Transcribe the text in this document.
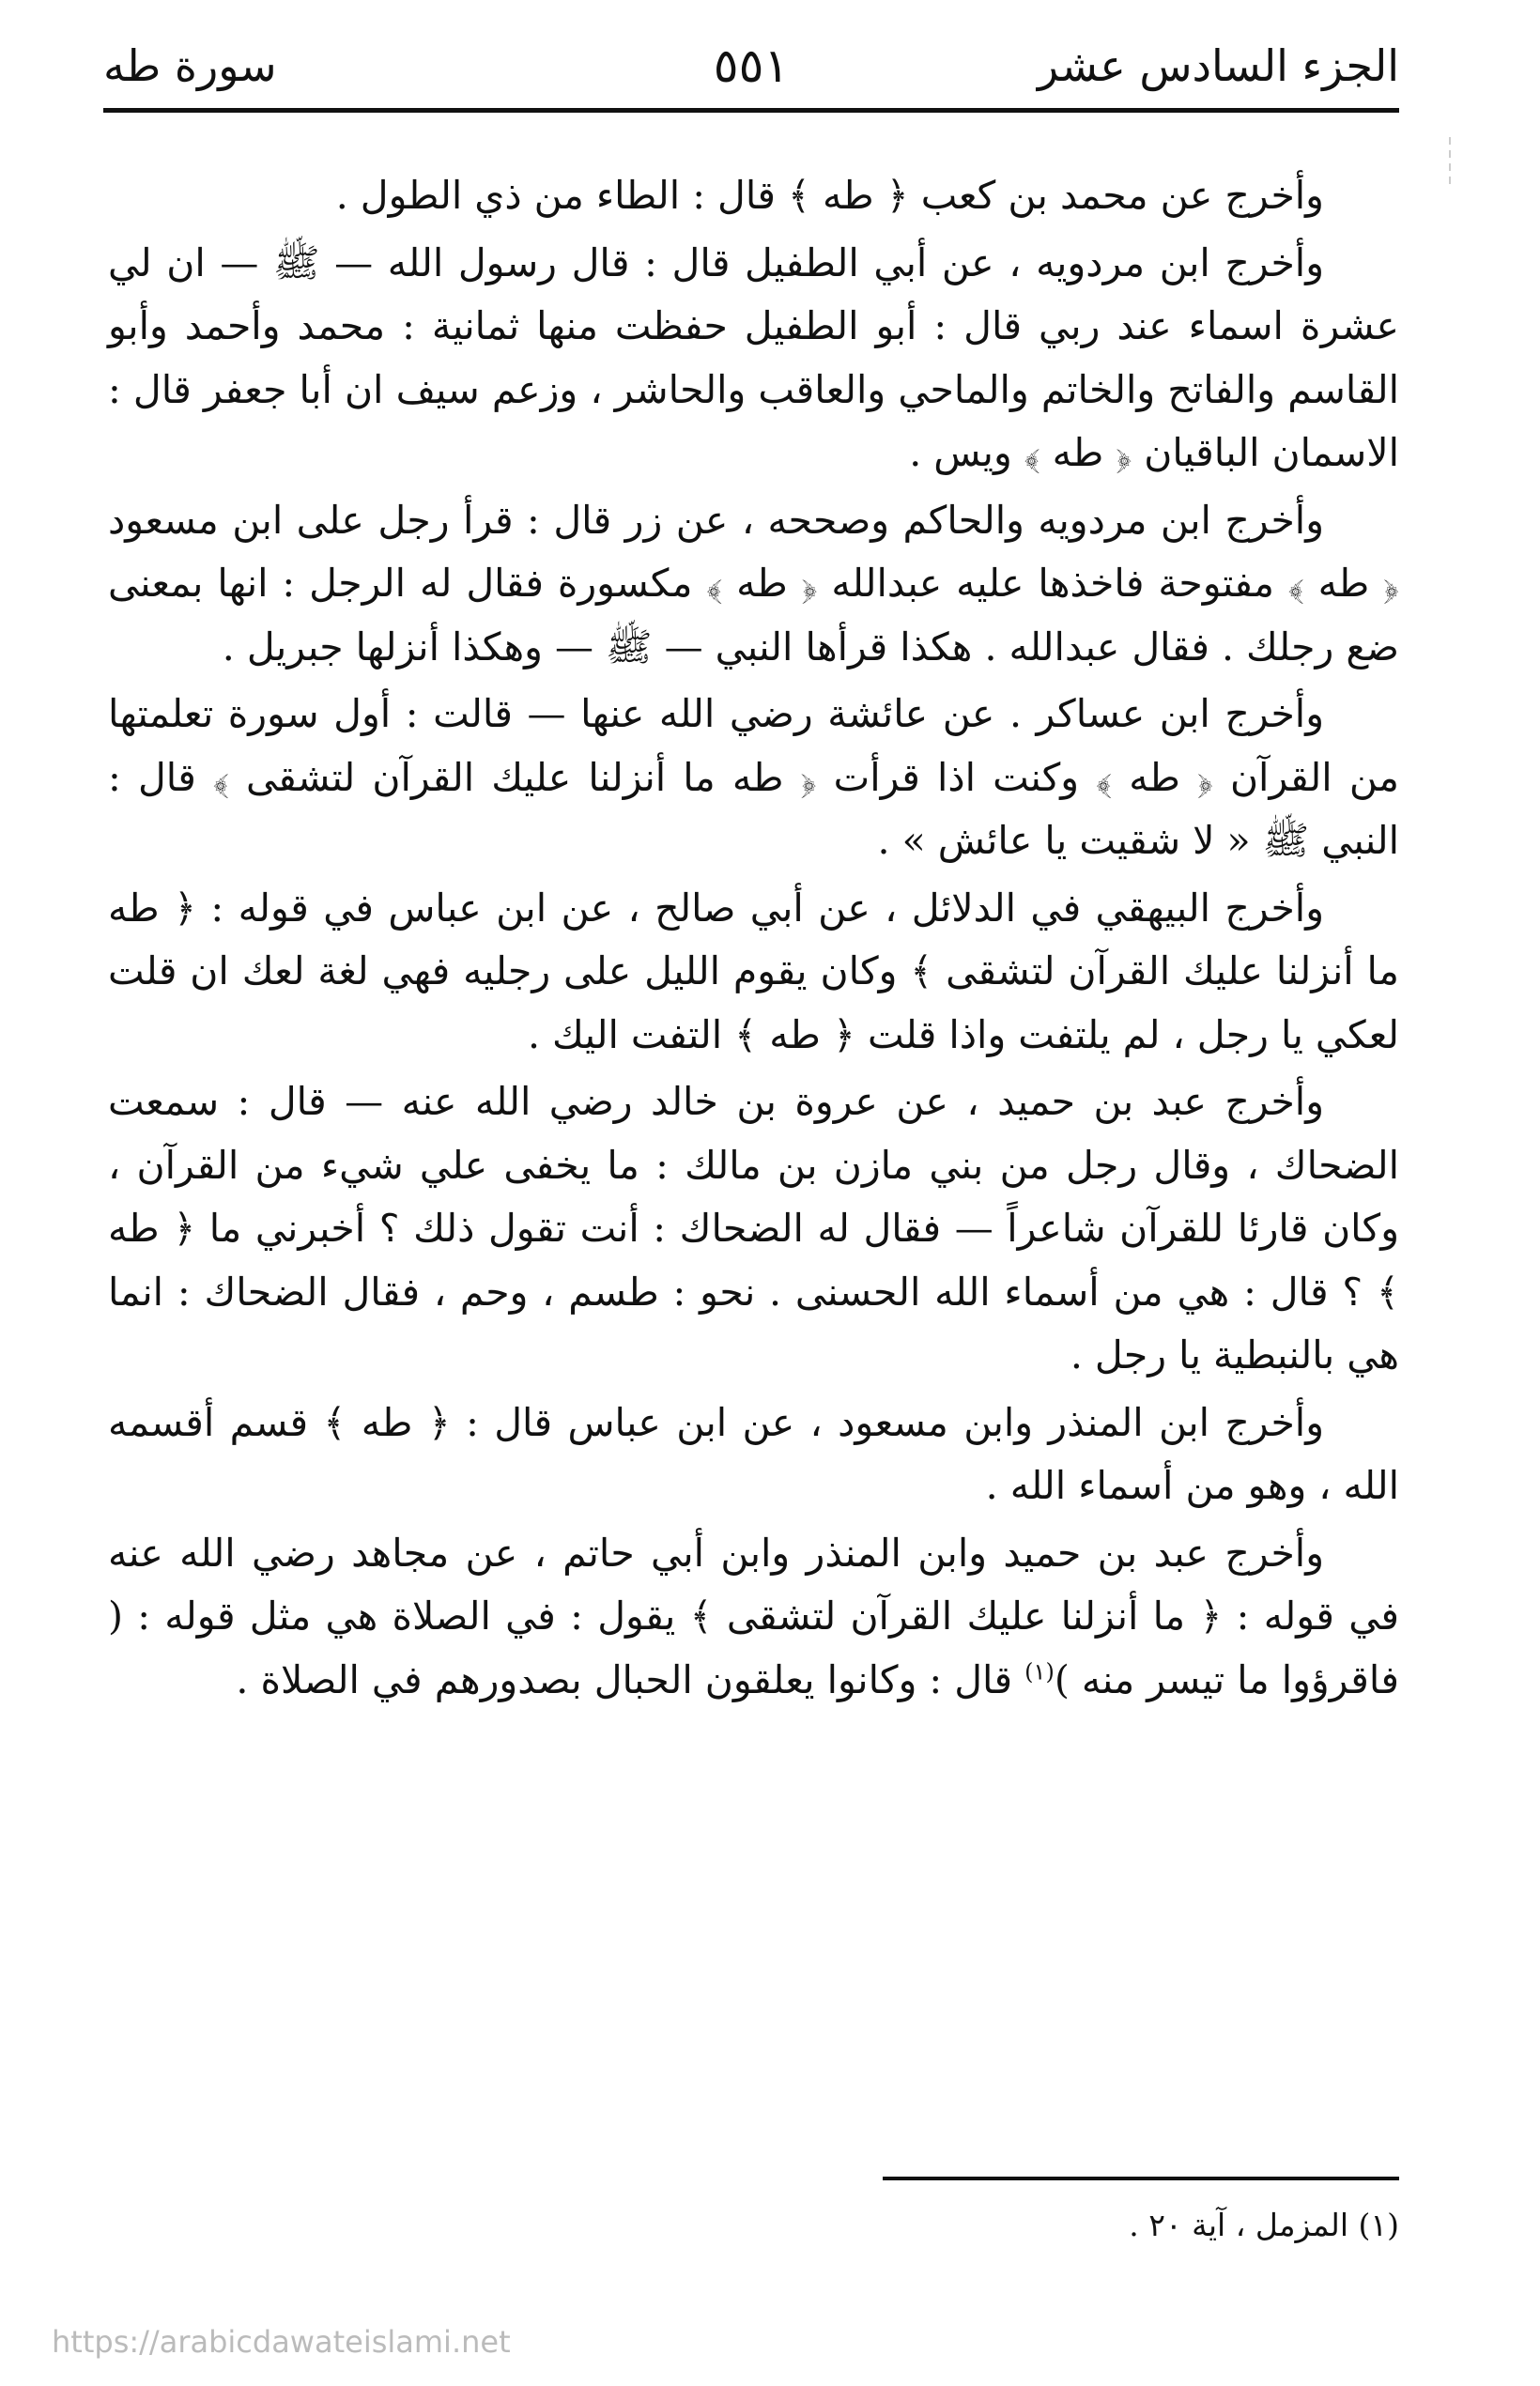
الجزء السادس عشر
٥٥١
سورة طه

وأخرج عن محمد بن كعب ﴿ طه ﴾ قال : الطاء من ذي الطول .

وأخرج ابن مردويه ، عن أبي الطفيل قال : قال رسول الله — ﷺ — ان لي عشرة اسماء عند ربي قال : أبو الطفيل حفظت منها ثمانية : محمد وأحمد وأبو القاسم والفاتح والخاتم والماحي والعاقب والحاشر ، وزعم سيف ان أبا جعفر قال : الاسمان الباقيان ﴿ طه ﴾ ويس .

وأخرج ابن مردويه والحاكم وصححه ، عن زر قال : قرأ رجل على ابن مسعود ﴿ طه ﴾ مفتوحة فاخذها عليه عبدالله ﴿ طه ﴾ مكسورة فقال له الرجل : انها بمعنى ضع رجلك . فقال عبدالله . هكذا قرأها النبي — ﷺ — وهكذا أنزلها جبريل .

وأخرج ابن عساكر . عن عائشة رضي الله عنها — قالت : أول سورة تعلمتها من القرآن ﴿ طه ﴾ وكنت اذا قرأت ﴿ طه ما أنزلنا عليك القرآن لتشقى ﴾ قال : النبي ﷺ « لا شقيت يا عائش » .

وأخرج البيهقي في الدلائل ، عن أبي صالح ، عن ابن عباس في قوله : ﴿ طه ما أنزلنا عليك القرآن لتشقى ﴾ وكان يقوم الليل على رجليه فهي لغة لعك ان قلت لعكي يا رجل ، لم يلتفت واذا قلت ﴿ طه ﴾ التفت اليك .

وأخرج عبد بن حميد ، عن عروة بن خالد رضي الله عنه — قال : سمعت الضحاك ، وقال رجل من بني مازن بن مالك : ما يخفى علي شيء من القرآن ، وكان قارئا للقرآن شاعراً — فقال له الضحاك : أنت تقول ذلك ؟ أخبرني ما ﴿ طه ﴾ ؟ قال : هي من أسماء الله الحسنى . نحو : طسم ، وحم ، فقال الضحاك : انما هي بالنبطية يا رجل .

وأخرج ابن المنذر وابن مسعود ، عن ابن عباس قال : ﴿ طه ﴾ قسم أقسمه الله ، وهو من أسماء الله .

وأخرج عبد بن حميد وابن المنذر وابن أبي حاتم ، عن مجاهد رضي الله عنه في قوله : ﴿ ما أنزلنا عليك القرآن لتشقى ﴾ يقول : في الصلاة هي مثل قوله : ( فاقرؤوا ما تيسر منه )$^{(١)}$ قال : وكانوا يعلقون الحبال بصدورهم في الصلاة .

(١) المزمل ، آية ٢٠ .
https://arabicdawateislami.net
